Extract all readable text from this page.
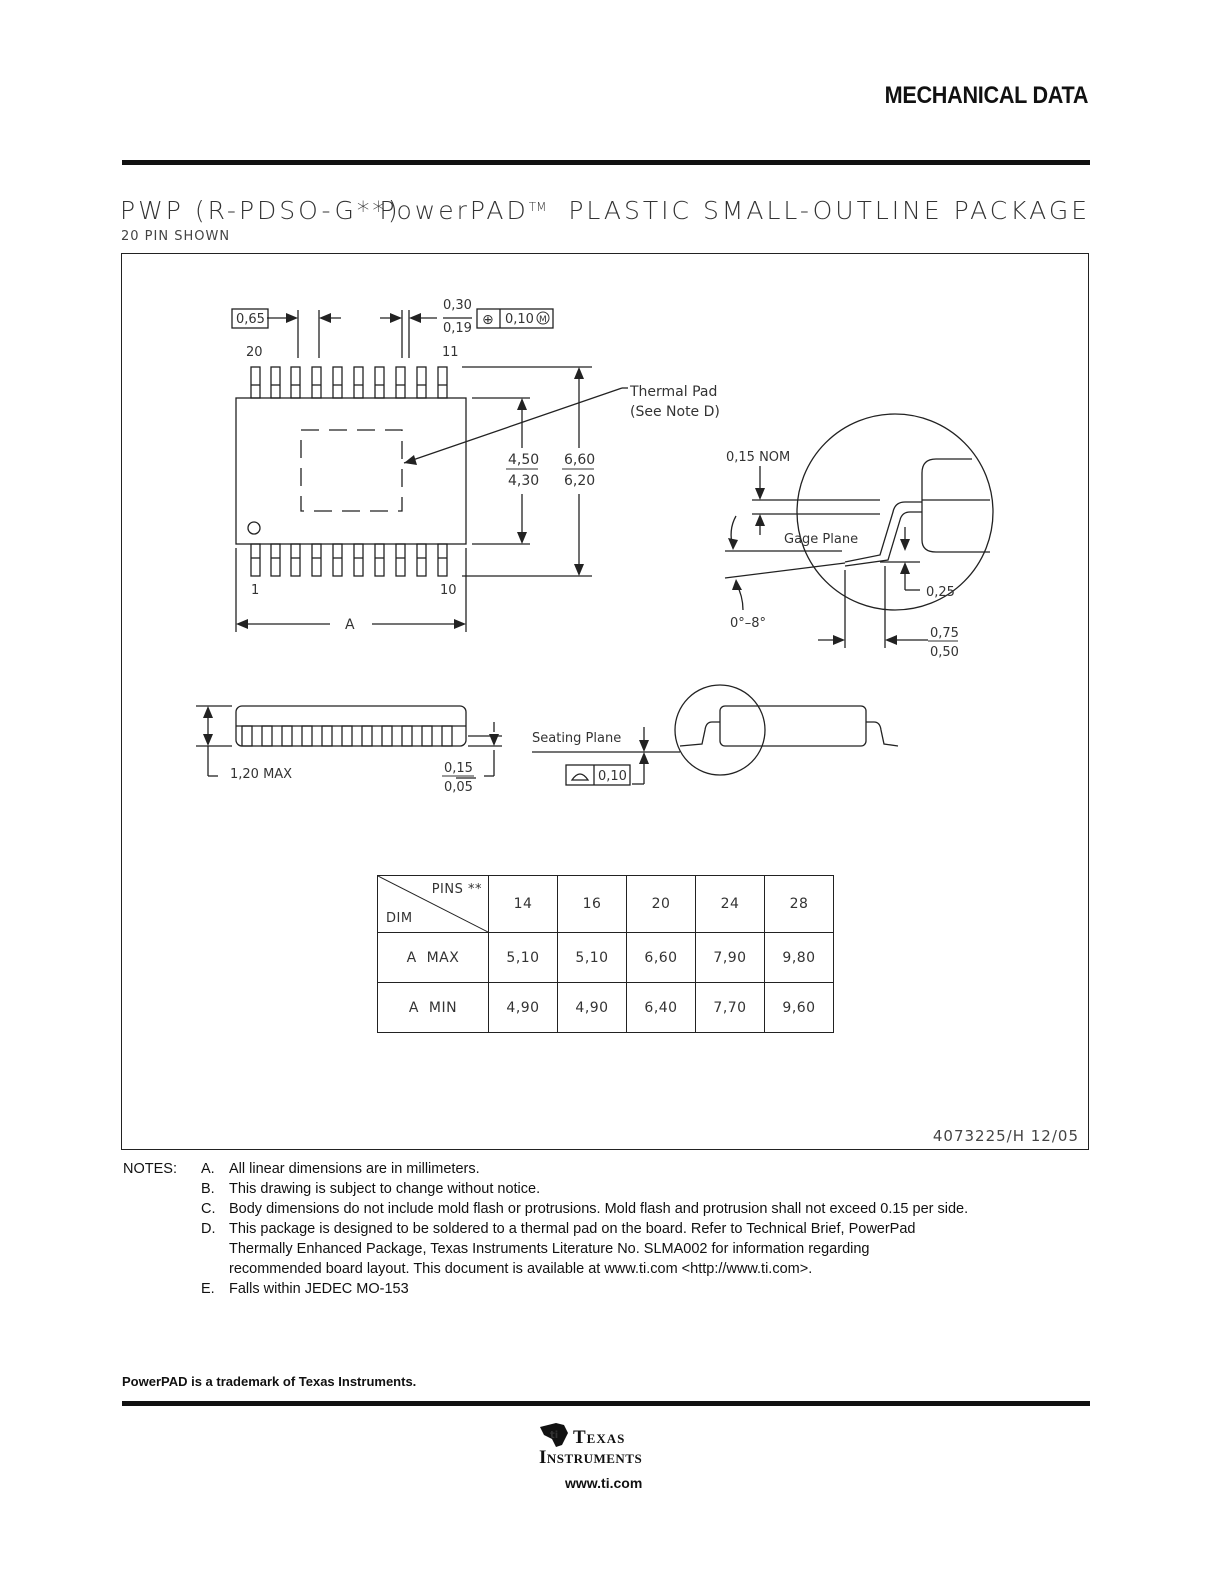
MECHANICAL DATA
PWP (R-PDSO-G**)
PowerPAD™ PLASTIC SMALL-OUTLINE PACKAGE
20 PIN SHOWN
0,65
0,30
0,19
⊕ 0,10 M
20	11
1	10
A
Thermal Pad
(See Note D)
4,50
4,30
6,60
6,20
0,15 NOM
Gage Plane
0,25
0°–8°
0,75
0,50
1,20 MAX	0,15
0,05
Seating Plane
0,10
PINS **
DIM	14	16	20	24	28
A  MAX	5,10	5,10	6,60	7,90	9,80
A  MIN	4,90	4,90	6,40	7,70	9,60
4073225/H 12/05
NOTES: A. All linear dimensions are in millimeters.
B. This drawing is subject to change without notice.
C. Body dimensions do not include mold flash or protrusions. Mold flash and protrusion shall not exceed 0.15 per side.
D. This package is designed to be soldered to a thermal pad on the board. Refer to Technical Brief, PowerPad
Thermally Enhanced Package, Texas Instruments Literature No. SLMA002 for information regarding
recommended board layout. This document is available at www.ti.com <http://www.ti.com>.
E. Falls within JEDEC MO-153
PowerPAD is a trademark of Texas Instruments.
ti Texas
Instruments
www.ti.com
